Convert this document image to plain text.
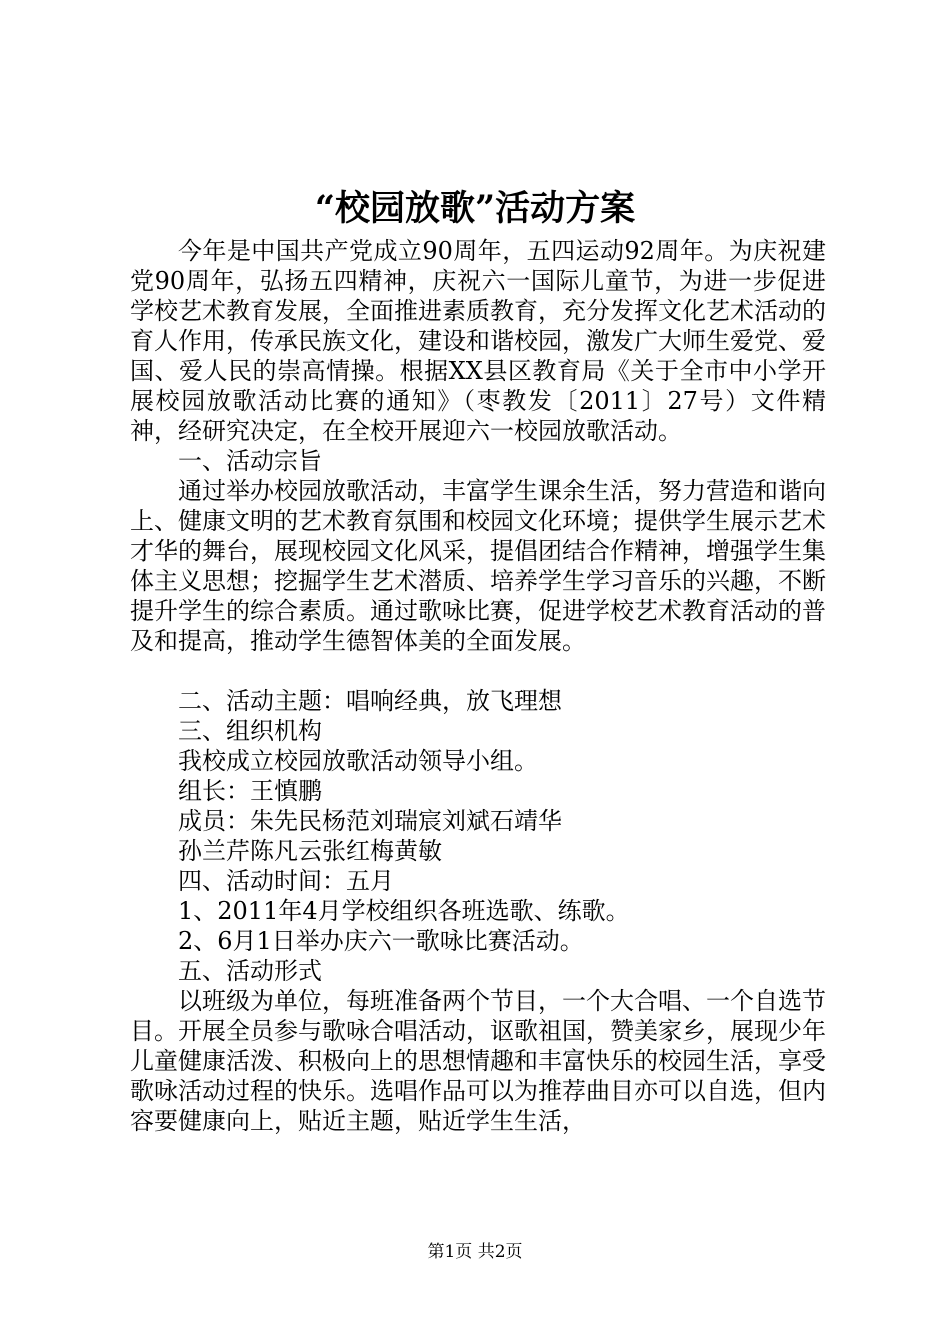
“校园放歌”活动方案

今年是中国共产党成立90周年，五四运动92周年。为庆祝建党90周年，弘扬五四精神，庆祝六一国际儿童节，为进一步促进学校艺术教育发展，全面推进素质教育，充分发挥文化艺术活动的育人作用，传承民族文化，建设和谐校园，激发广大师生爱党、爱国、爱人民的崇高情操。根据XX县区教育局《关于全市中小学开展校园放歌活动比赛的通知》（枣教发〔2011〕27号）文件精神，经研究决定，在全校开展迎六一校园放歌活动。

一、活动宗旨

通过举办校园放歌活动，丰富学生课余生活，努力营造和谐向上、健康文明的艺术教育氛围和校园文化环境；提供学生展示艺术才华的舞台，展现校园文化风采，提倡团结合作精神，增强学生集体主义思想；挖掘学生艺术潜质、培养学生学习音乐的兴趣，不断提升学生的综合素质。通过歌咏比赛，促进学校艺术教育活动的普及和提高，推动学生德智体美的全面发展。

二、活动主题：唱响经典，放飞理想
三、组织机构
我校成立校园放歌活动领导小组。
组长：王慎鹏
成员：朱先民杨范刘瑞宸刘斌石靖华
孙兰芹陈凡云张红梅黄敏
四、活动时间：五月
1、2011年4月学校组织各班选歌、练歌。
2、6月1日举办庆六一歌咏比赛活动。
五、活动形式

以班级为单位，每班准备两个节目，一个大合唱、一个自选节目。开展全员参与歌咏合唱活动，讴歌祖国，赞美家乡，展现少年儿童健康活泼、积极向上的思想情趣和丰富快乐的校园生活，享受歌咏活动过程的快乐。选唱作品可以为推荐曲目亦可以自选，但内容要健康向上，贴近主题，贴近学生生活，

第1页 共2页
